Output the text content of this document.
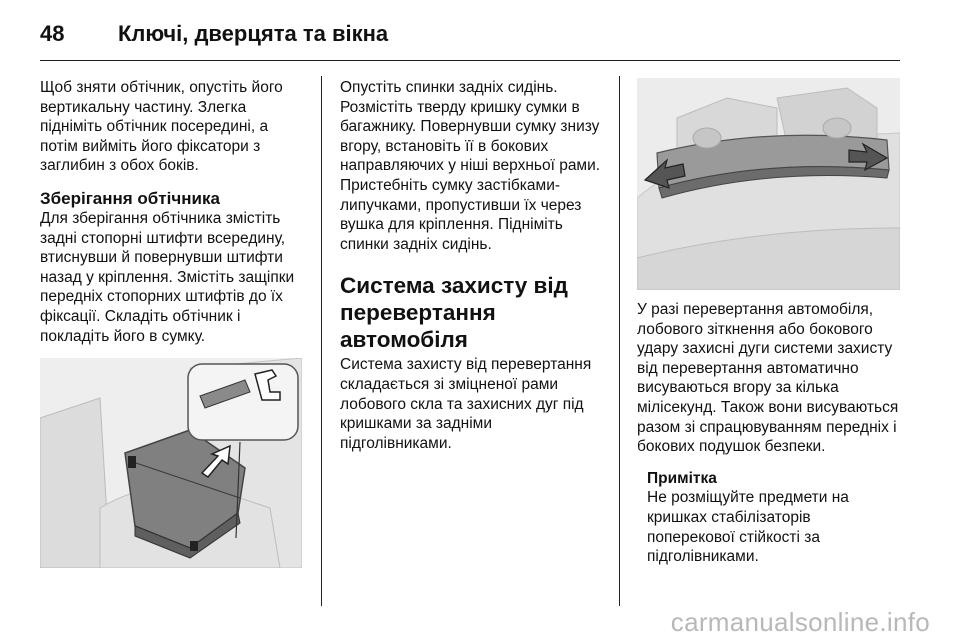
48	Ключі, дверцята та вікна

Щоб зняти обтічник, опустіть його вертикальну частину. Злегка підніміть обтічник посередині, а потім вийміть його фіксатори з заглибин з обох боків.

Зберігання обтічника

Для зберігання обтічника змістіть задні стопорні штифти всередину, втиснувши й повернувши штифти назад у кріплення. Змістіть защіпки передніх стопорних штифтів до їх фіксації. Складіть обтічник і покладіть його в сумку.

Опустіть спинки задніх сидінь. Розмістіть тверду кришку сумки в багажнику. Повернувши сумку знизу вгору, встановіть її в бокових направляючих у ніші верхньої рами. Пристебніть сумку застібками-липучками, пропустивши їх через вушка для кріплення. Підніміть спинки задніх сидінь.

Система захисту від перевертання автомобіля

Система захисту від перевертання складається зі зміцненої рами лобового скла та захисних дуг під кришками за задніми підголівниками.

У разі перевертання автомобіля, лобового зіткнення або бокового удару захисні дуги системи захисту від перевертання автоматично висуваються вгору за кілька мілісекунд. Також вони висуваються разом зі спрацювуванням передніх і бокових подушок безпеки.

Примітка
Не розміщуйте предмети на кришках стабілізаторів поперекової стійкості за підголівниками.
carmanualsonline.info
